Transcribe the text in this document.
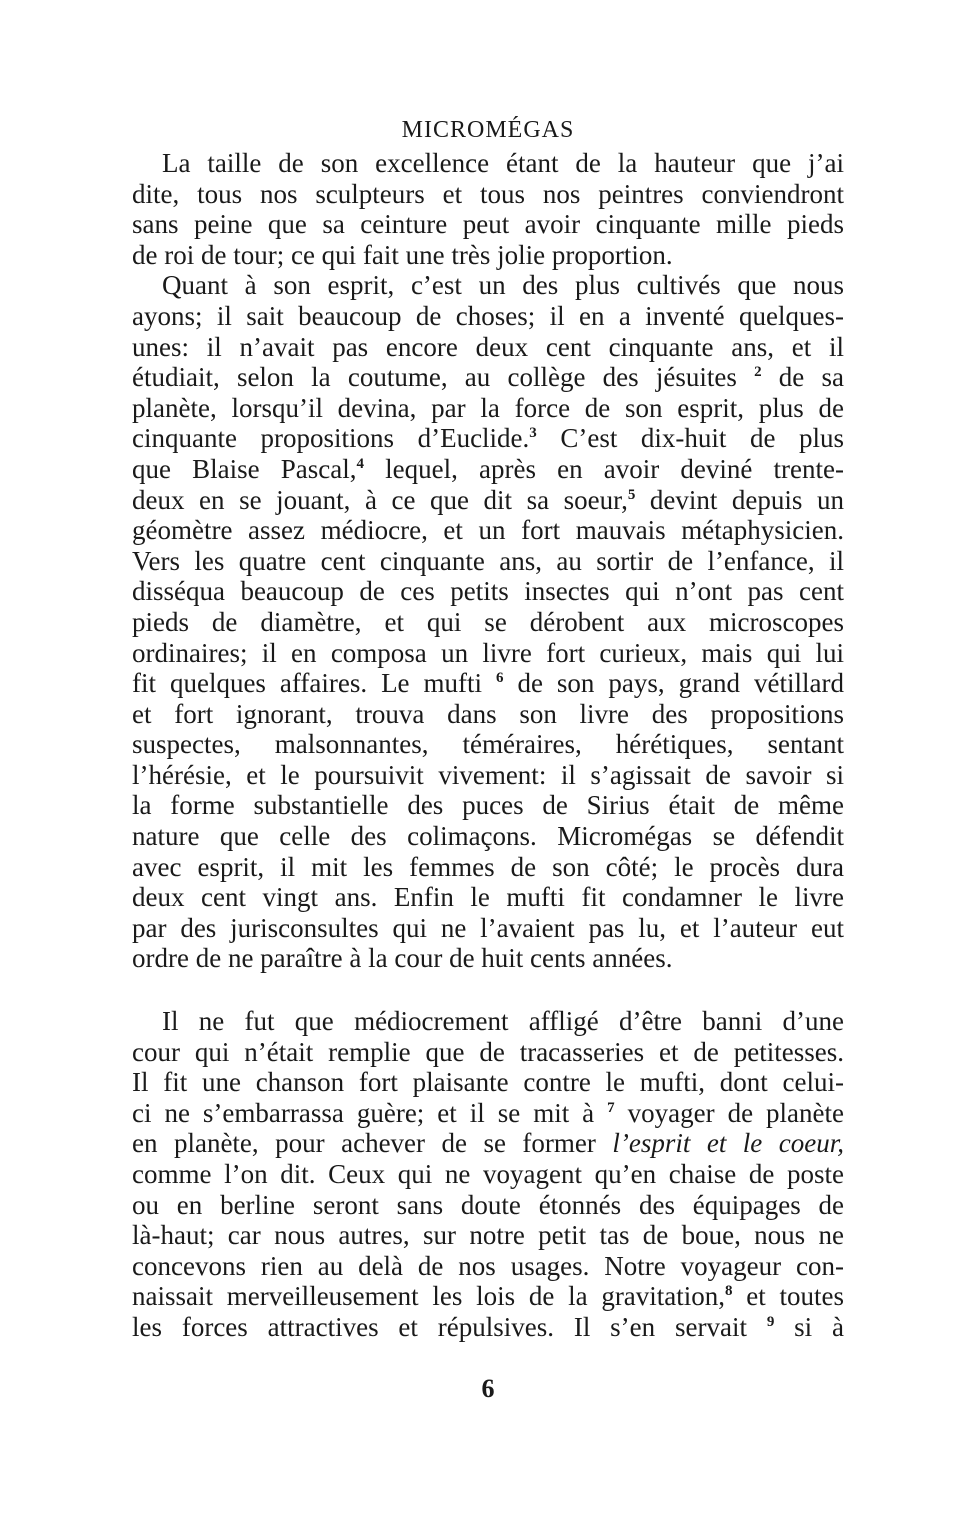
MICROMÉGAS
La taille de son excellence étant de la hauteur que j’ai
dite, tous nos sculpteurs et tous nos peintres conviendront
sans peine que sa ceinture peut avoir cinquante mille pieds
de roi de tour; ce qui fait une très jolie proportion.
Quant à son esprit, c’est un des plus cultivés que nous
ayons; il sait beaucoup de choses; il en a inventé quelques-
unes: il n’avait pas encore deux cent cinquante ans, et il
étudiait, selon la coutume, au collège des jésuites $^2$ de sa
planète, lorsqu’il devina, par la force de son esprit, plus de
cinquante propositions d’Euclide.$^3$ C’est dix-huit de plus
que Blaise Pascal,$^4$ lequel, après en avoir deviné trente-
deux en se jouant, à ce que dit sa soeur,$^5$ devint depuis un
géomètre assez médiocre, et un fort mauvais métaphysicien.
Vers les quatre cent cinquante ans, au sortir de l’enfance, il
disséqua beaucoup de ces petits insectes qui n’ont pas cent
pieds de diamètre, et qui se dérobent aux microscopes
ordinaires; il en composa un livre fort curieux, mais qui lui
fit quelques affaires. Le mufti $^6$ de son pays, grand vétillard
et fort ignorant, trouva dans son livre des propositions
suspectes, malsonnantes, téméraires, hérétiques, sentant
l’hérésie, et le poursuivit vivement: il s’agissait de savoir si
la forme substantielle des puces de Sirius était de même
nature que celle des colimaçons. Micromégas se défendit
avec esprit, il mit les femmes de son côté; le procès dura
deux cent vingt ans. Enfin le mufti fit condamner le livre
par des jurisconsultes qui ne l’avaient pas lu, et l’auteur eut
ordre de ne paraître à la cour de huit cents années.
Il ne fut que médiocrement affligé d’être banni d’une
cour qui n’était remplie que de tracasseries et de petitesses.
Il fit une chanson fort plaisante contre le mufti, dont celui-
ci ne s’embarrassa guère; et il se mit à $^7$ voyager de planète
en planète, pour achever de se former l’esprit et le coeur,
comme l’on dit. Ceux qui ne voyagent qu’en chaise de poste
ou en berline seront sans doute étonnés des équipages de
là-haut; car nous autres, sur notre petit tas de boue, nous ne
concevons rien au delà de nos usages. Notre voyageur con-
naissait merveilleusement les lois de la gravitation,$^8$ et toutes
les forces attractives et répulsives. Il s’en servait $^9$ si à
6
